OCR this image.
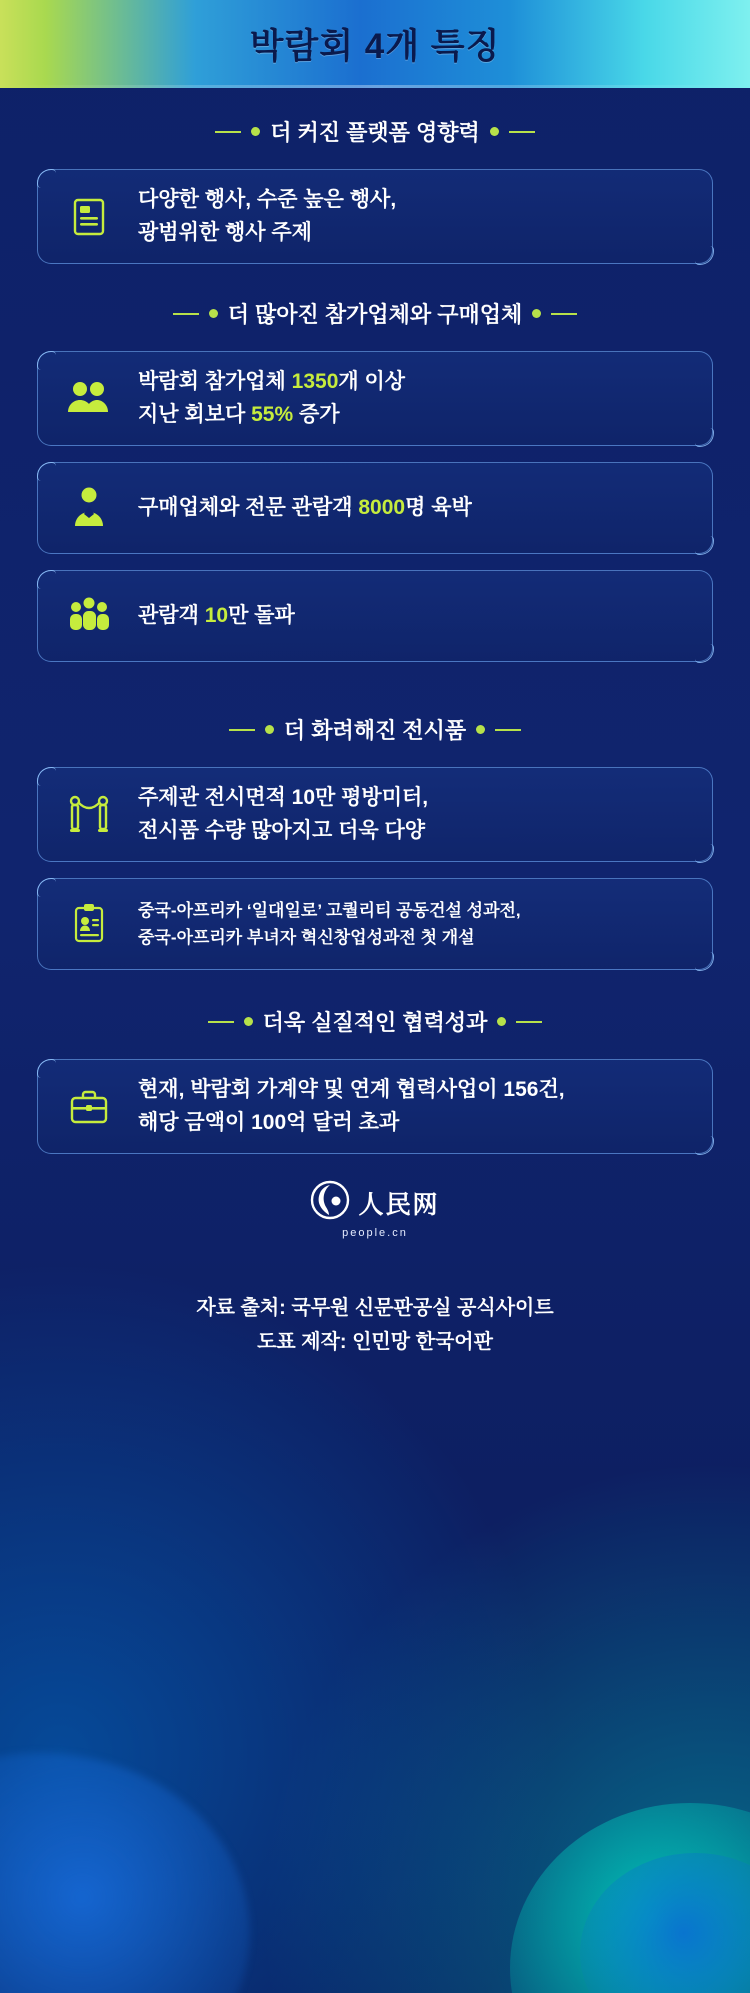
박람회 4개 특징
더 커진 플랫폼 영향력
다양한 행사, 수준 높은 행사,
광범위한 행사 주제
더 많아진 참가업체와 구매업체
박람회 참가업체 1350개 이상
지난 회보다 55% 증가
구매업체와 전문 관람객 8000명 육박
관람객 10만 돌파
더 화려해진 전시품
주제관 전시면적 10만 평방미터,
전시품 수량 많아지고 더욱 다양
중국-아프리카 ‘일대일로’ 고퀄리티 공동건설 성과전,
중국-아프리카 부녀자 혁신창업성과전 첫 개설
더욱 실질적인 협력성과
현재, 박람회 가계약 및 연계 협력사업이 156건,
해당 금액이 100억 달러 초과
人民网
people.cn
자료 출처: 국무원 신문판공실 공식사이트
도표 제작: 인민망 한국어판
